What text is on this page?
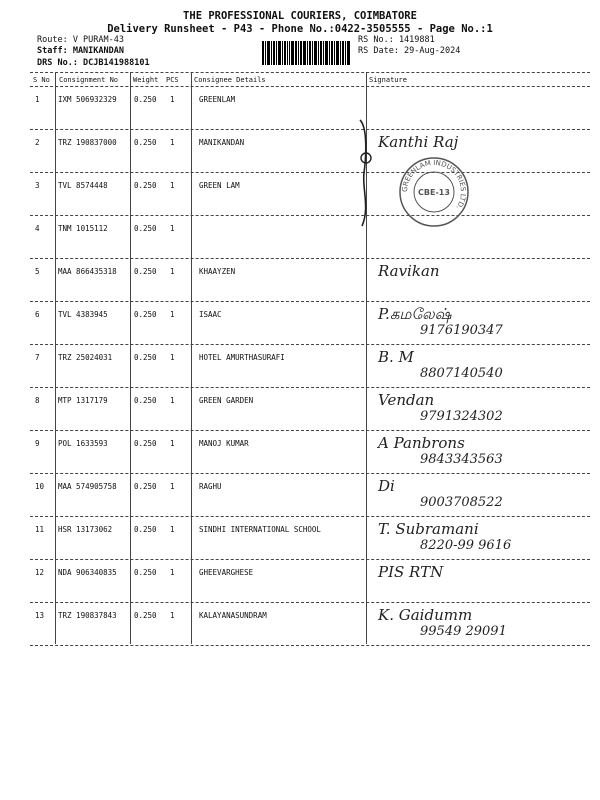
THE PROFESSIONAL COURIERS, COIMBATORE
Delivery Runsheet - P43 - Phone No.:0422-3505555 - Page No.:1
Route: V PURAM-43
Staff: MANIKANDAN
DRS No.: DCJB141988101
RS No.: 1419881
RS Date: 29-Aug-2024
S No Consignment No Weight PCS Consignee Details	Signature
1 IXM 506932329 0.250 1	GREENLAM
2 TRZ 190837000 0.250 1	MANIKANDAN	Kanthi Raj
3 TVL 8574448	0.250 1	GREEN LAM
4 TNM 1015112	0.250 1
5 MAA 866435318 0.250 1	KHAAYZEN	Ravikan
6 TVL 4383945	0.250 1	ISAAC	P.கமலேஷ்
9176190347
7 TRZ 25024031	0.250 1	HOTEL AMURTHASURAFI	B. M
8807140540
8 MTP 1317179	0.250 1	GREEN GARDEN	Vendan
9791324302
9 POL 1633593	0.250 1	MANOJ KUMAR	A Panbrons
9843343563
10 MAA 574905758 0.250 1	RAGHU	Di
9003708522
11 HSR 13173062	0.250 1	SINDHI INTERNATIONAL SCHOOL	T. Subramani
8220-99 9616
12 NDA 906340835 0.250 1	GHEEVARGHESE	PIS RTN
13 TRZ 190837843 0.250 1	KALAYANASUNDRAM	K. Gaidumm
99549 29091
GREENLAM INDUSTRIES LTD.
CBE-13
